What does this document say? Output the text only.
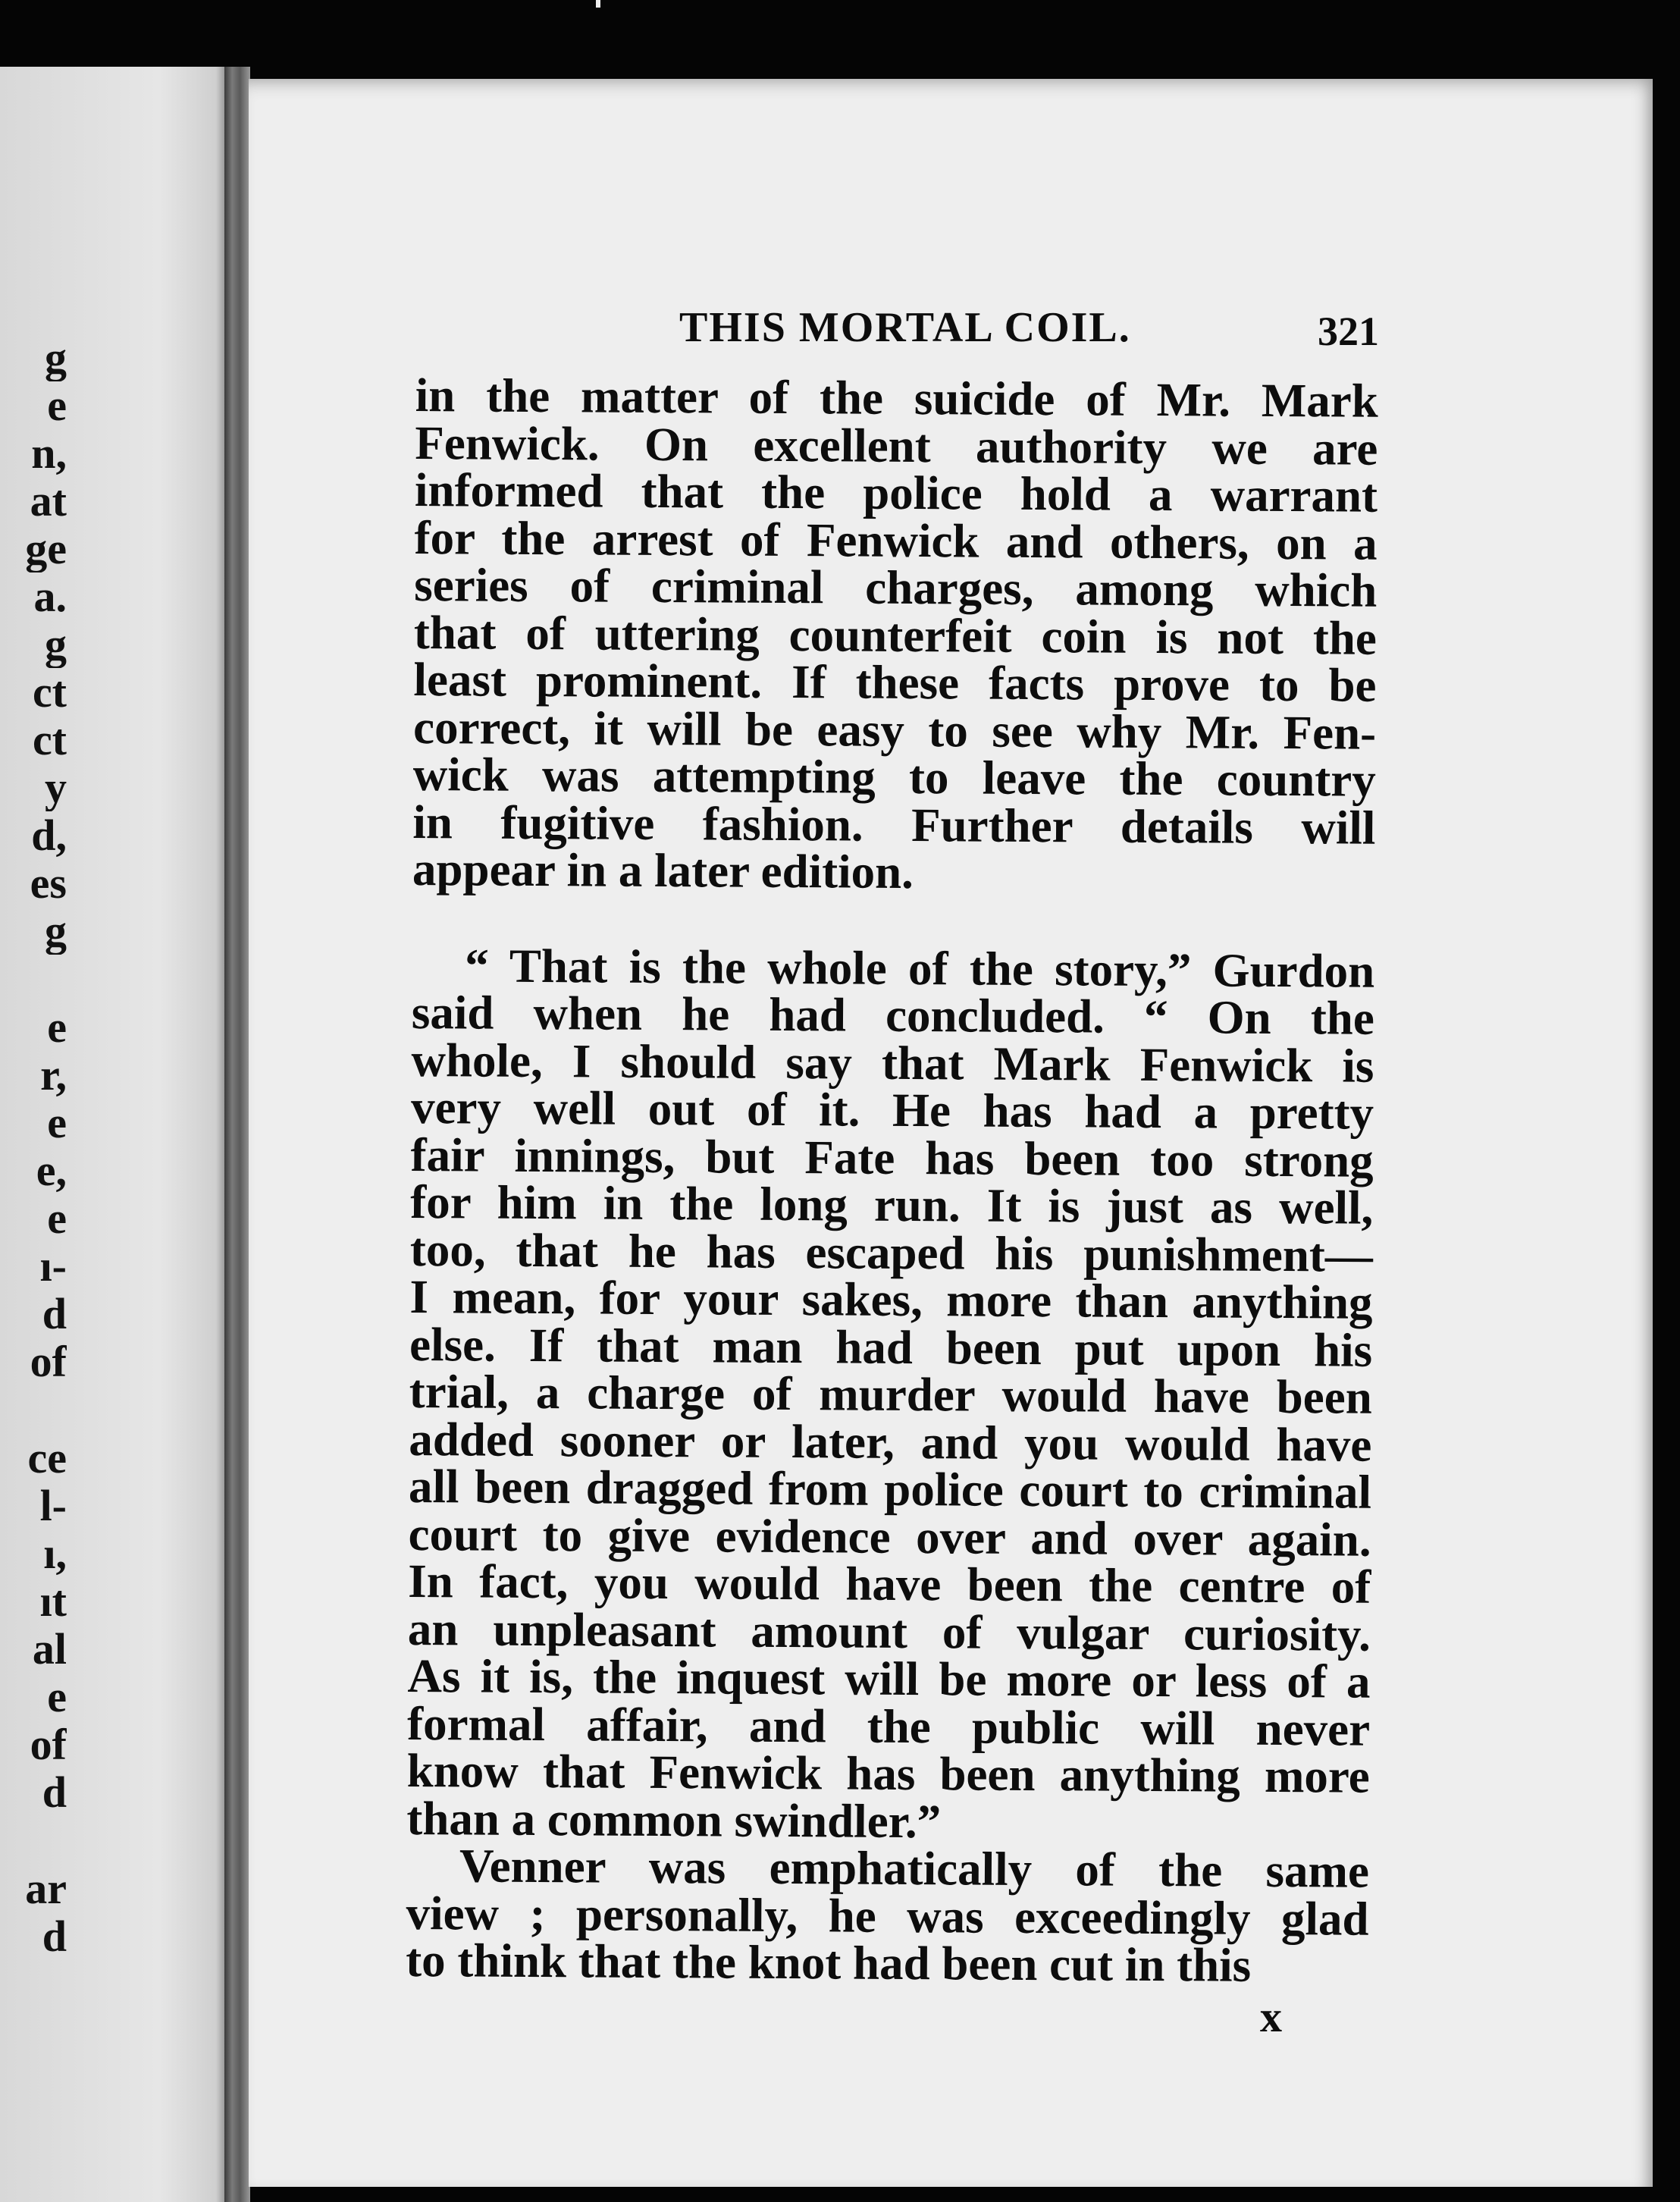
g
e
n,
at
ge
a.
g
ct
ct
y
d,
es
g
e
r,
e
e,
e
ı-
d
of
ce
l-
ı,
ıt
al
e
of
d
ar
d
THIS MORTAL COIL.	321
in the matter of the suicide of Mr. Mark
Fenwick. On excellent authority we are
informed that the police hold a warrant
for the arrest of Fenwick and others, on a
series of criminal charges, among which
that of uttering counterfeit coin is not the
least prominent. If these facts prove to be
correct, it will be easy to see why Mr. Fen-
wick was attempting to leave the country
in fugitive fashion. Further details will
appear in a later edition.
“ That is the whole of the story,” Gurdon
said when he had concluded. “ On the
whole, I should say that Mark Fenwick is
very well out of it. He has had a pretty
fair innings, but Fate has been too strong
for him in the long run. It is just as well,
too, that he has escaped his punishment—
I mean, for your sakes, more than anything
else. If that man had been put upon his
trial, a charge of murder would have been
added sooner or later, and you would have
all been dragged from police court to criminal
court to give evidence over and over again.
In fact, you would have been the centre of
an unpleasant amount of vulgar curiosity.
As it is, the inquest will be more or less of a
formal affair, and the public will never
know that Fenwick has been anything more
than a common swindler.”
Venner was emphatically of the same
view ; personally, he was exceedingly glad
to think that the knot had been cut in this
x
